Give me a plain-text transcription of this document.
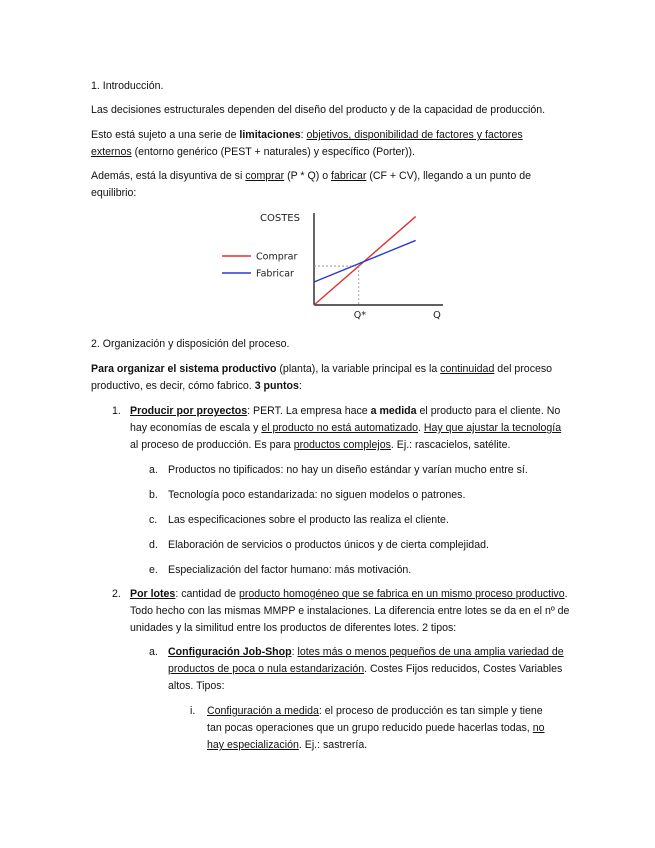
1. Introducción.

Las decisiones estructurales dependen del diseño del producto y de la capacidad de producción.

Esto está sujeto a una serie de limitaciones: objetivos, disponibilidad de factores y factores externos (entorno genérico (PEST + naturales) y específico (Porter)).

Además, está la disyuntiva de si comprar (P * Q) o fabricar (CF + CV), llegando a un punto de equilibrio:

COSTES
Comprar
Fabricar
Q*	Q

2. Organización y disposición del proceso.

Para organizar el sistema productivo (planta), la variable principal es la continuidad del proceso productivo, es decir, cómo fabrico. 3 puntos:

1. Producir por proyectos: PERT. La empresa hace a medida el producto para el cliente. No hay economías de escala y el producto no está automatizado. Hay que ajustar la tecnología al proceso de producción. Es para productos complejos. Ej.: rascacielos, satélite.

a. Productos no tipificados: no hay un diseño estándar y varían mucho entre sí.

b. Tecnología poco estandarizada: no siguen modelos o patrones.

c. Las especificaciones sobre el producto las realiza el cliente.

d. Elaboración de servicios o productos únicos y de cierta complejidad.

e. Especialización del factor humano: más motivación.

2. Por lotes: cantidad de producto homogéneo que se fabrica en un mismo proceso productivo. Todo hecho con las mismas MMPP e instalaciones. La diferencia entre lotes se da en el nº de unidades y la similitud entre los productos de diferentes lotes. 2 tipos:

a. Configuración Job-Shop: lotes más o menos pequeños de una amplia variedad de productos de poca o nula estandarización. Costes Fijos reducidos, Costes Variables altos. Tipos:

i. Configuración a medida: el proceso de producción es tan simple y tiene tan pocas operaciones que un grupo reducido puede hacerlas todas, no hay especialización. Ej.: sastrería.
